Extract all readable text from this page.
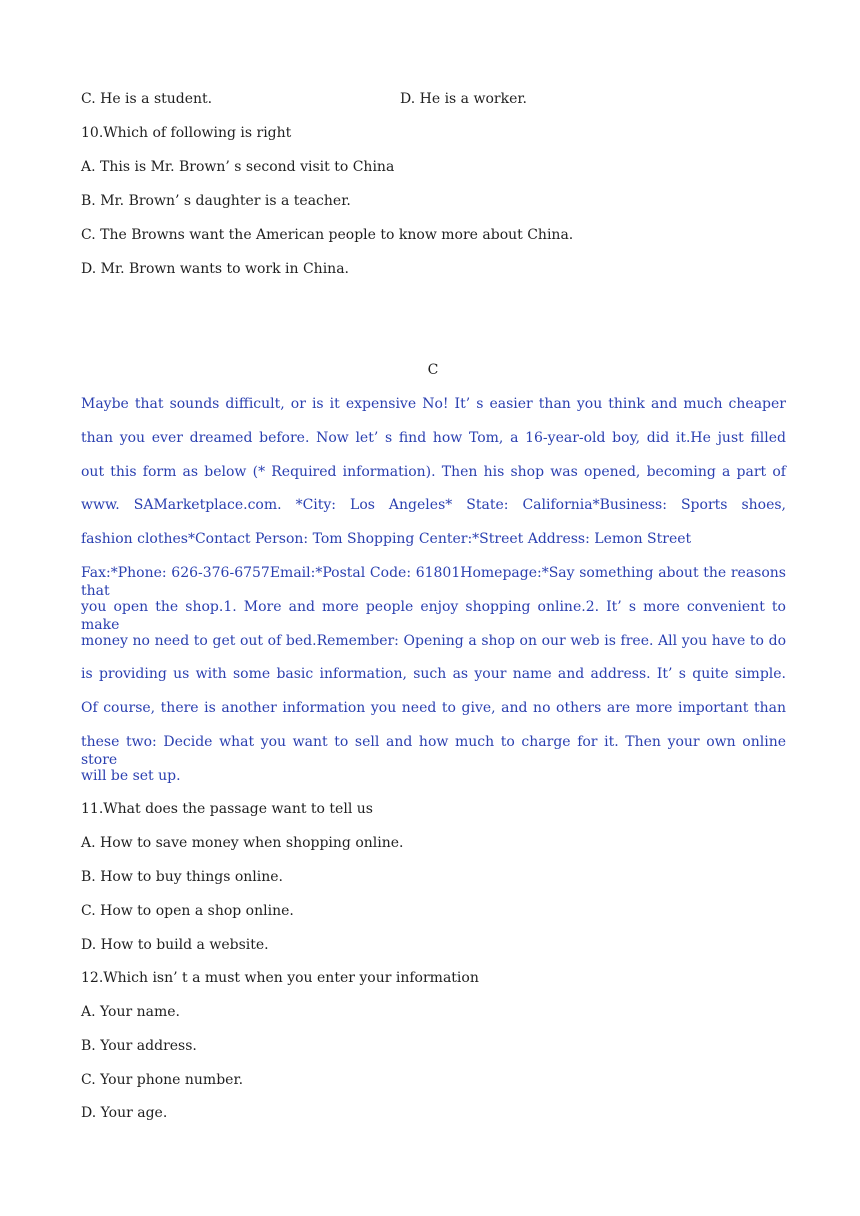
C. He is a student.	D. He is a worker.
10.Which of following is right
A. This is Mr. Brown’ s second visit to China
B. Mr. Brown’ s daughter is a teacher.
C. The Browns want the American people to know more about China.
D. Mr. Brown wants to work in China.
C
Maybe that sounds difficult, or is it expensive No! It’ s easier than you think and much cheaper
than you ever dreamed before. Now let’ s find how Tom, a 16-year-old boy, did it.He just filled
out this form as below (* Required information). Then his shop was opened, becoming a part of
www. SAMarketplace.com. *City: Los Angeles* State: California*Business: Sports shoes,
fashion clothes*Contact Person: Tom Shopping Center:*Street Address: Lemon Street
Fax:*Phone: 626-376-6757Email:*Postal Code: 61801Homepage:*Say something about the reasons that
you open the shop.1. More and more people enjoy shopping online.2. It’ s more convenient to make
money no need to get out of bed.Remember: Opening a shop on our web is free. All you have to do
is providing us with some basic information, such as your name and address. It’ s quite simple.
Of course, there is another information you need to give, and no others are more important than
these two: Decide what you want to sell and how much to charge for it. Then your own online store
will be set up.
11.What does the passage want to tell us
A. How to save money when shopping online.
B. How to buy things online.
C. How to open a shop online.
D. How to build a website.
12.Which isn’ t a must when you enter your information
A. Your name.
B. Your address.
C. Your phone number.
D. Your age.
